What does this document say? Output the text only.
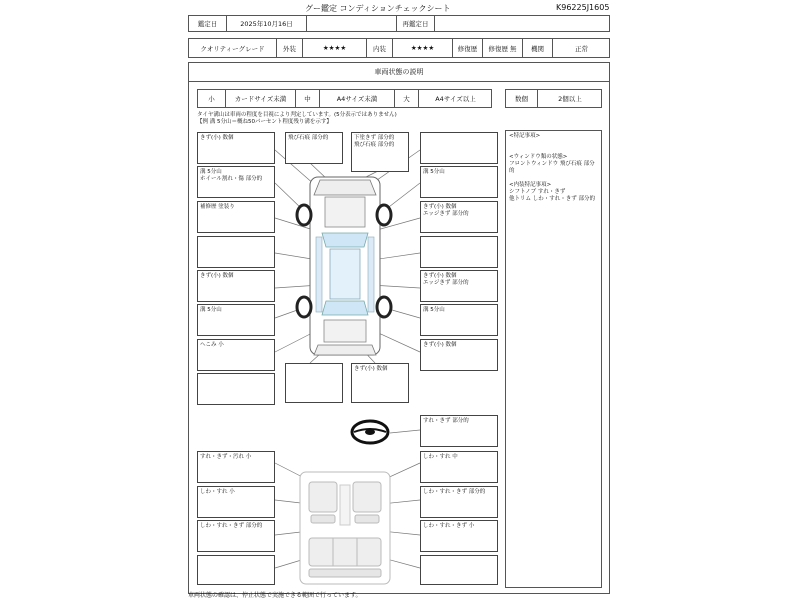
グー鑑定 コンディションチェックシート	K96225J1605
鑑定日	2025年10月16日	再鑑定日
クオリティーグレード	外装	★★★★	内装	★★★★	修復歴	修復歴 無	機関	正常
車両状態の説明
小	カードサイズ未満	中	A4サイズ未満	大	A4サイズ以上	数個	2個以上
タイヤ溝山は車両の程度を目視により判定しています。(5分表示ではありません)
【例 溝 5分山＝概ね50パーセント程度残り溝を示す】
<特記事項>
<ウィンドウ類の状態>
フロントウィンドウ 飛び石痕 部分的
<内装特記事項>
シフトノブ すれ・きず
他トリム しわ・すれ・きず 部分的
きず(小) 数個
溝 5分山
ホイール割れ・傷 部分的
補修歴 塗装り
きず(小) 数個
溝 5分山
へこみ 小
飛び石痕 部分的	下塗きず 部分的
飛び石痕 部分的
溝 5分山
きず(小) 数個
エッジきず 部分的
きず(小) 数個
エッジきず 部分的
溝 5分山
きず(小) 数個
きず(小) 数個
すれ・きず 部分的
すれ・きず・汚れ 小
しわ・すれ 小
しわ・すれ・きず 部分的
しわ・すれ 中
しわ・すれ・きず 部分的
しわ・すれ・きず 小
車両状態の確認は、停止状態で実施できる範囲で行っています。
